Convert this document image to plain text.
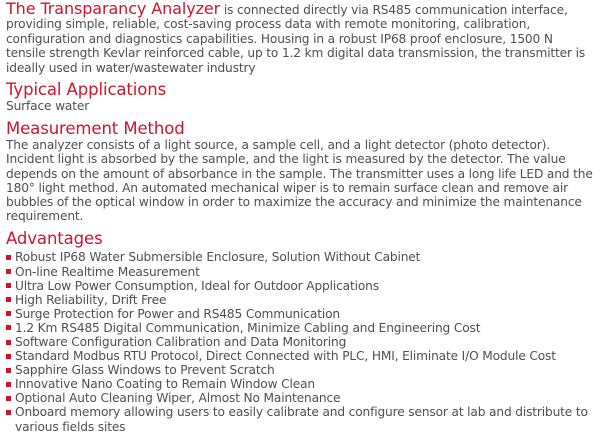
The Transparancy Analyzer is connected directly via RS485 communication interface, providing simple, reliable, cost-saving process data with remote monitoring, calibration, configuration and diagnostics capabilities. Housing in a robust IP68 proof enclosure, 1500 N tensile strength Kevlar reinforced cable, up to 1.2 km digital data transmission, the transmitter is ideally used in water/wastewater industry

Typical Applications

Surface water

Measurement Method

The analyzer consists of a light source, a sample cell, and a light detector (photo detector). Incident light is absorbed by the sample, and the light is measured by the detector. The value depends on the amount of absorbance in the sample. The transmitter uses a long life LED and the 180° light method. An automated mechanical wiper is to remain surface clean and remove air bubbles of the optical window in order to maximize the accuracy and minimize the maintenance requirement.

Advantages
Robust IP68 Water Submersible Enclosure, Solution Without Cabinet
On-line Realtime Measurement
Ultra Low Power Consumption, Ideal for Outdoor Applications
High Reliability, Drift Free
Surge Protection for Power and RS485 Communication
1.2 Km RS485 Digital Communication, Minimize Cabling and Engineering Cost
Software Configuration Calibration and Data Monitoring
Standard Modbus RTU Protocol, Direct Connected with PLC, HMI, Eliminate I/O Module Cost
Sapphire Glass Windows to Prevent Scratch
Innovative Nano Coating to Remain Window Clean
Optional Auto Cleaning Wiper, Almost No Maintenance
Onboard memory allowing users to easily calibrate and configure sensor at lab and distribute to various fields sites
